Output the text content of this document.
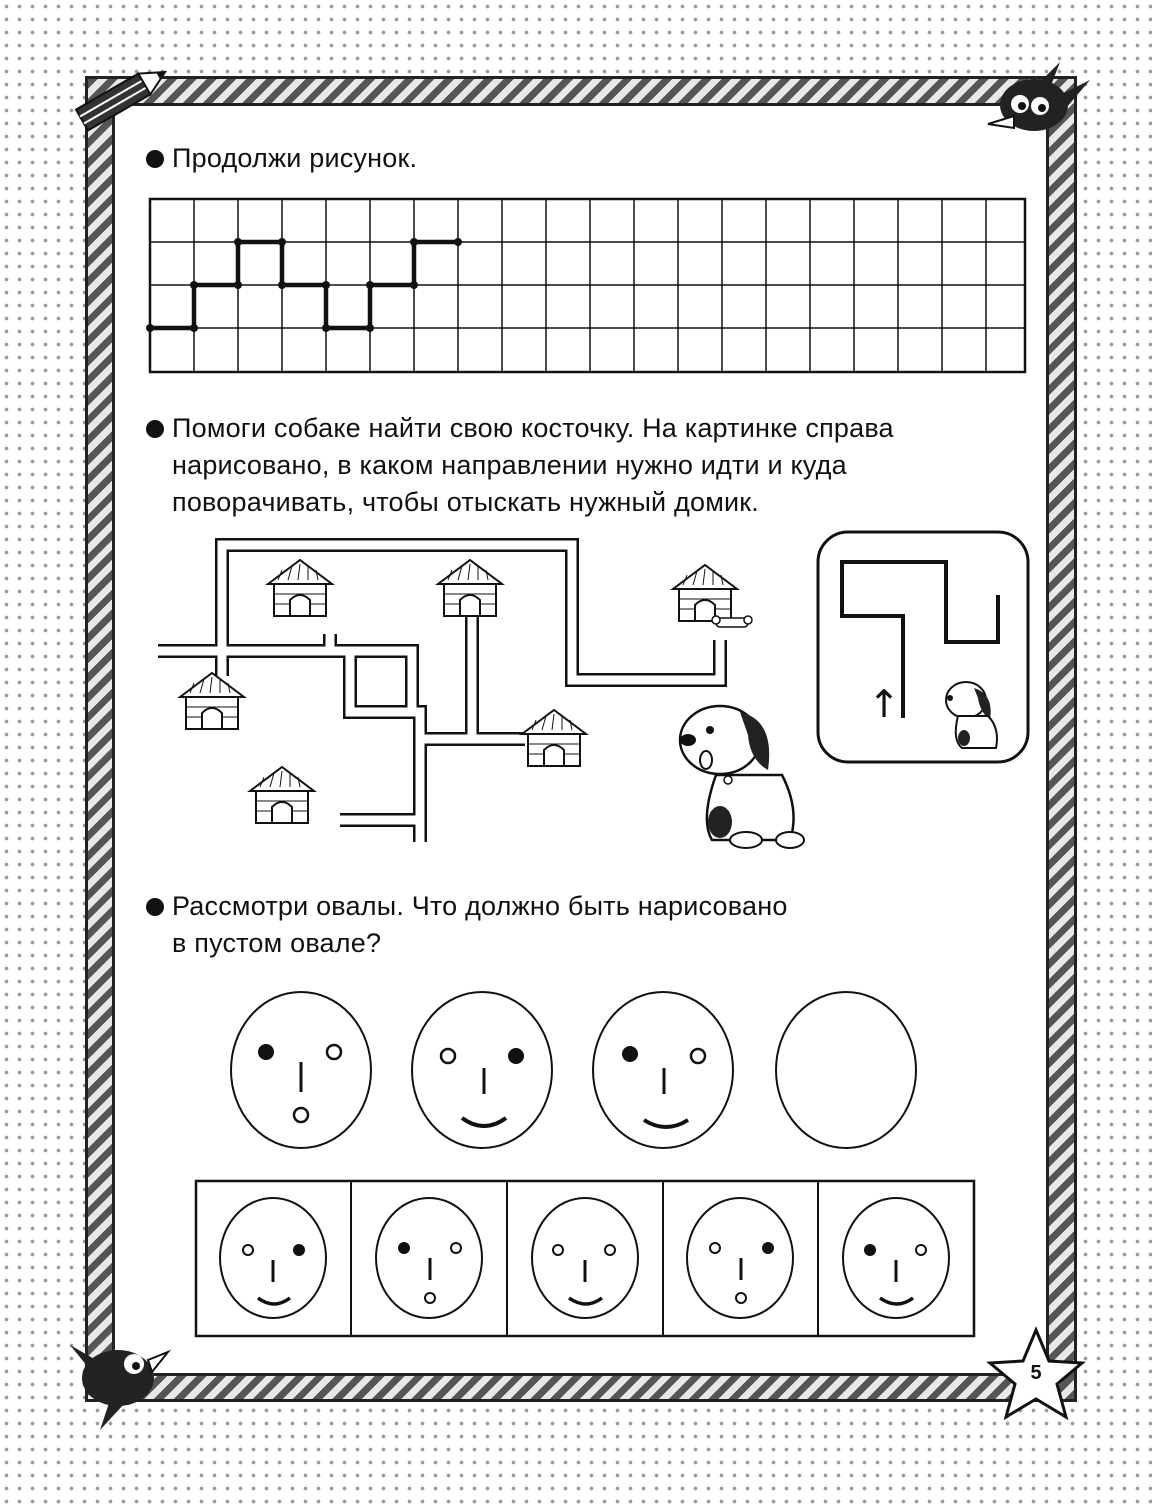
Продолжи рисунок.
Помоги собаке найти свою косточку. На картинке справа
нарисовано, в каком направлении нужно идти и куда
поворачивать, чтобы отыскать нужный домик.
Рассмотри овалы. Что должно быть нарисовано
в пустом овале?
↑
5
